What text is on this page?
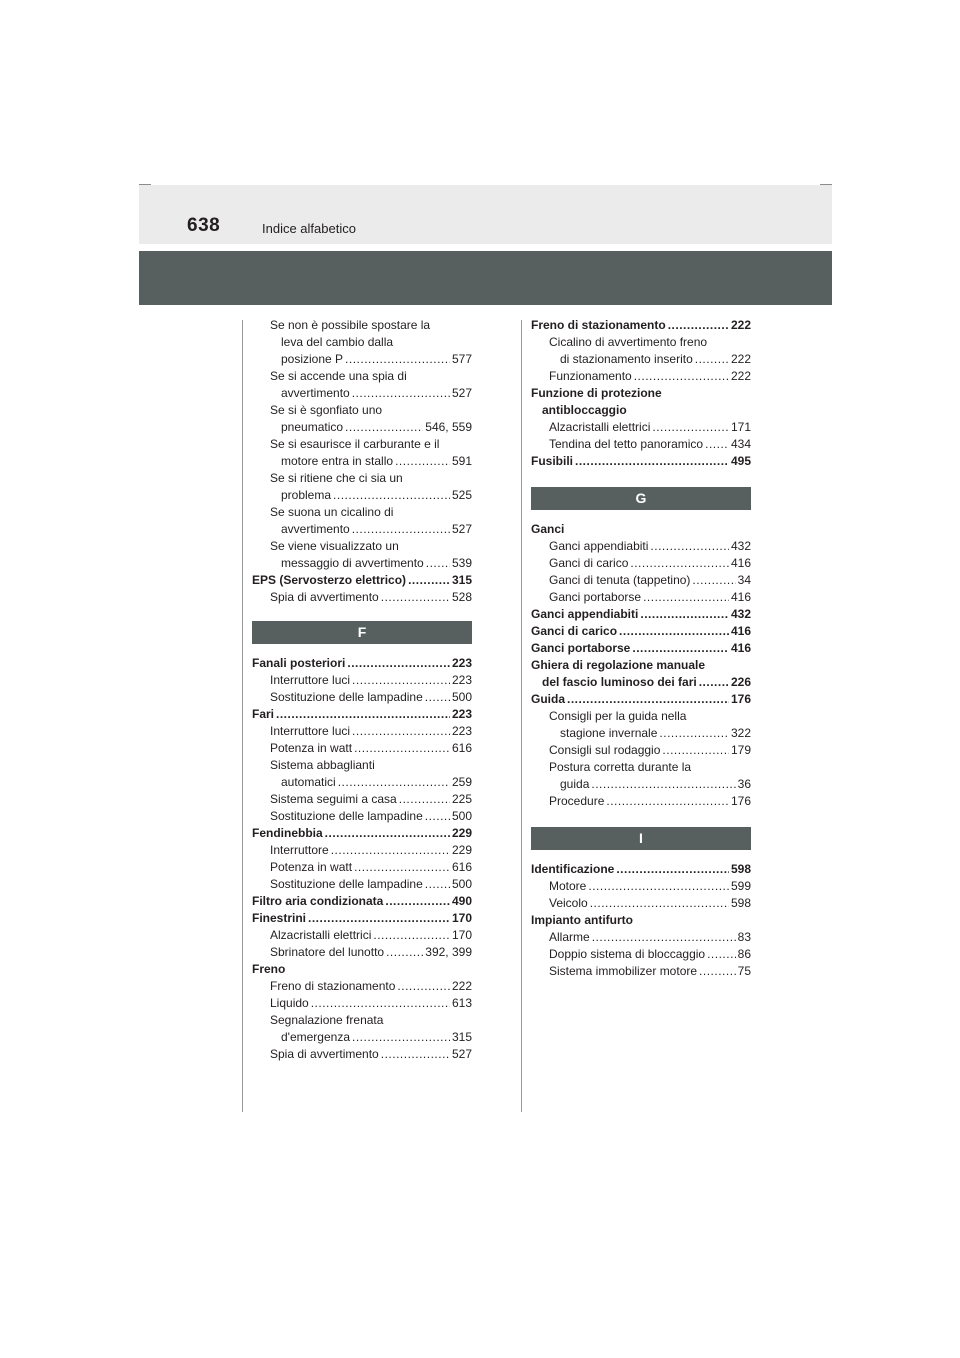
638	Indice alfabetico
Se non è possibile spostare la
leva del cambio dalla
posizione P .....	577
Se si accende una spia di
avvertimento .....	527
Se si è sgonfiato uno
pneumatico .....	546, 559
Se si esaurisce il carburante e il
motore entra in stallo .....	591
Se si ritiene che ci sia un
problema .....	525
Se suona un cicalino di
avvertimento .....	527
Se viene visualizzato un
messaggio di avvertimento ..... 539
EPS (Servosterzo elettrico) .....	315
Spia di avvertimento .....	528
F
Fanali posteriori .....	223
Interruttore luci .....	223
Sostituzione delle lampadine ..... 500
Fari .....	223
Interruttore luci .....	223
Potenza in watt .....	616
Sistema abbaglianti
automatici .....	259
Sistema seguimi a casa .....	225
Sostituzione delle lampadine ..... 500
Fendinebbia .....	229
Interruttore .....	229
Potenza in watt .....	616
Sostituzione delle lampadine ..... 500
Filtro aria condizionata .....	490
Finestrini .....	170
Alzacristalli elettrici .....	170
Sbrinatore del lunotto .....	392, 399
Freno
Freno di stazionamento .....	222
Liquido .....	613
Segnalazione frenata
d'emergenza .....	315
Spia di avvertimento .....	527
Freno di stazionamento .....	222
Cicalino di avvertimento freno
di stazionamento inserito .....	222
Funzionamento .....	222
Funzione di protezione
antibloccaggio
Alzacristalli elettrici .....	171
Tendina del tetto panoramico ..... 434
Fusibili .....	495
G
Ganci
Ganci appendiabiti .....	432
Ganci di carico .....	416
Ganci di tenuta (tappetino) .....	34
Ganci portaborse .....	416
Ganci appendiabiti .....	432
Ganci di carico .....	416
Ganci portaborse .....	416
Ghiera di regolazione manuale
del fascio luminoso dei fari .....	226
Guida .....	176
Consigli per la guida nella
stagione invernale .....	322
Consigli sul rodaggio .....	179
Postura corretta durante la
guida .....	36
Procedure .....	176
I
Identificazione .....	598
Motore .....	599
Veicolo .....	598
Impianto antifurto
Allarme .....	83
Doppio sistema di bloccaggio .....	86
Sistema immobilizer motore .....	75
